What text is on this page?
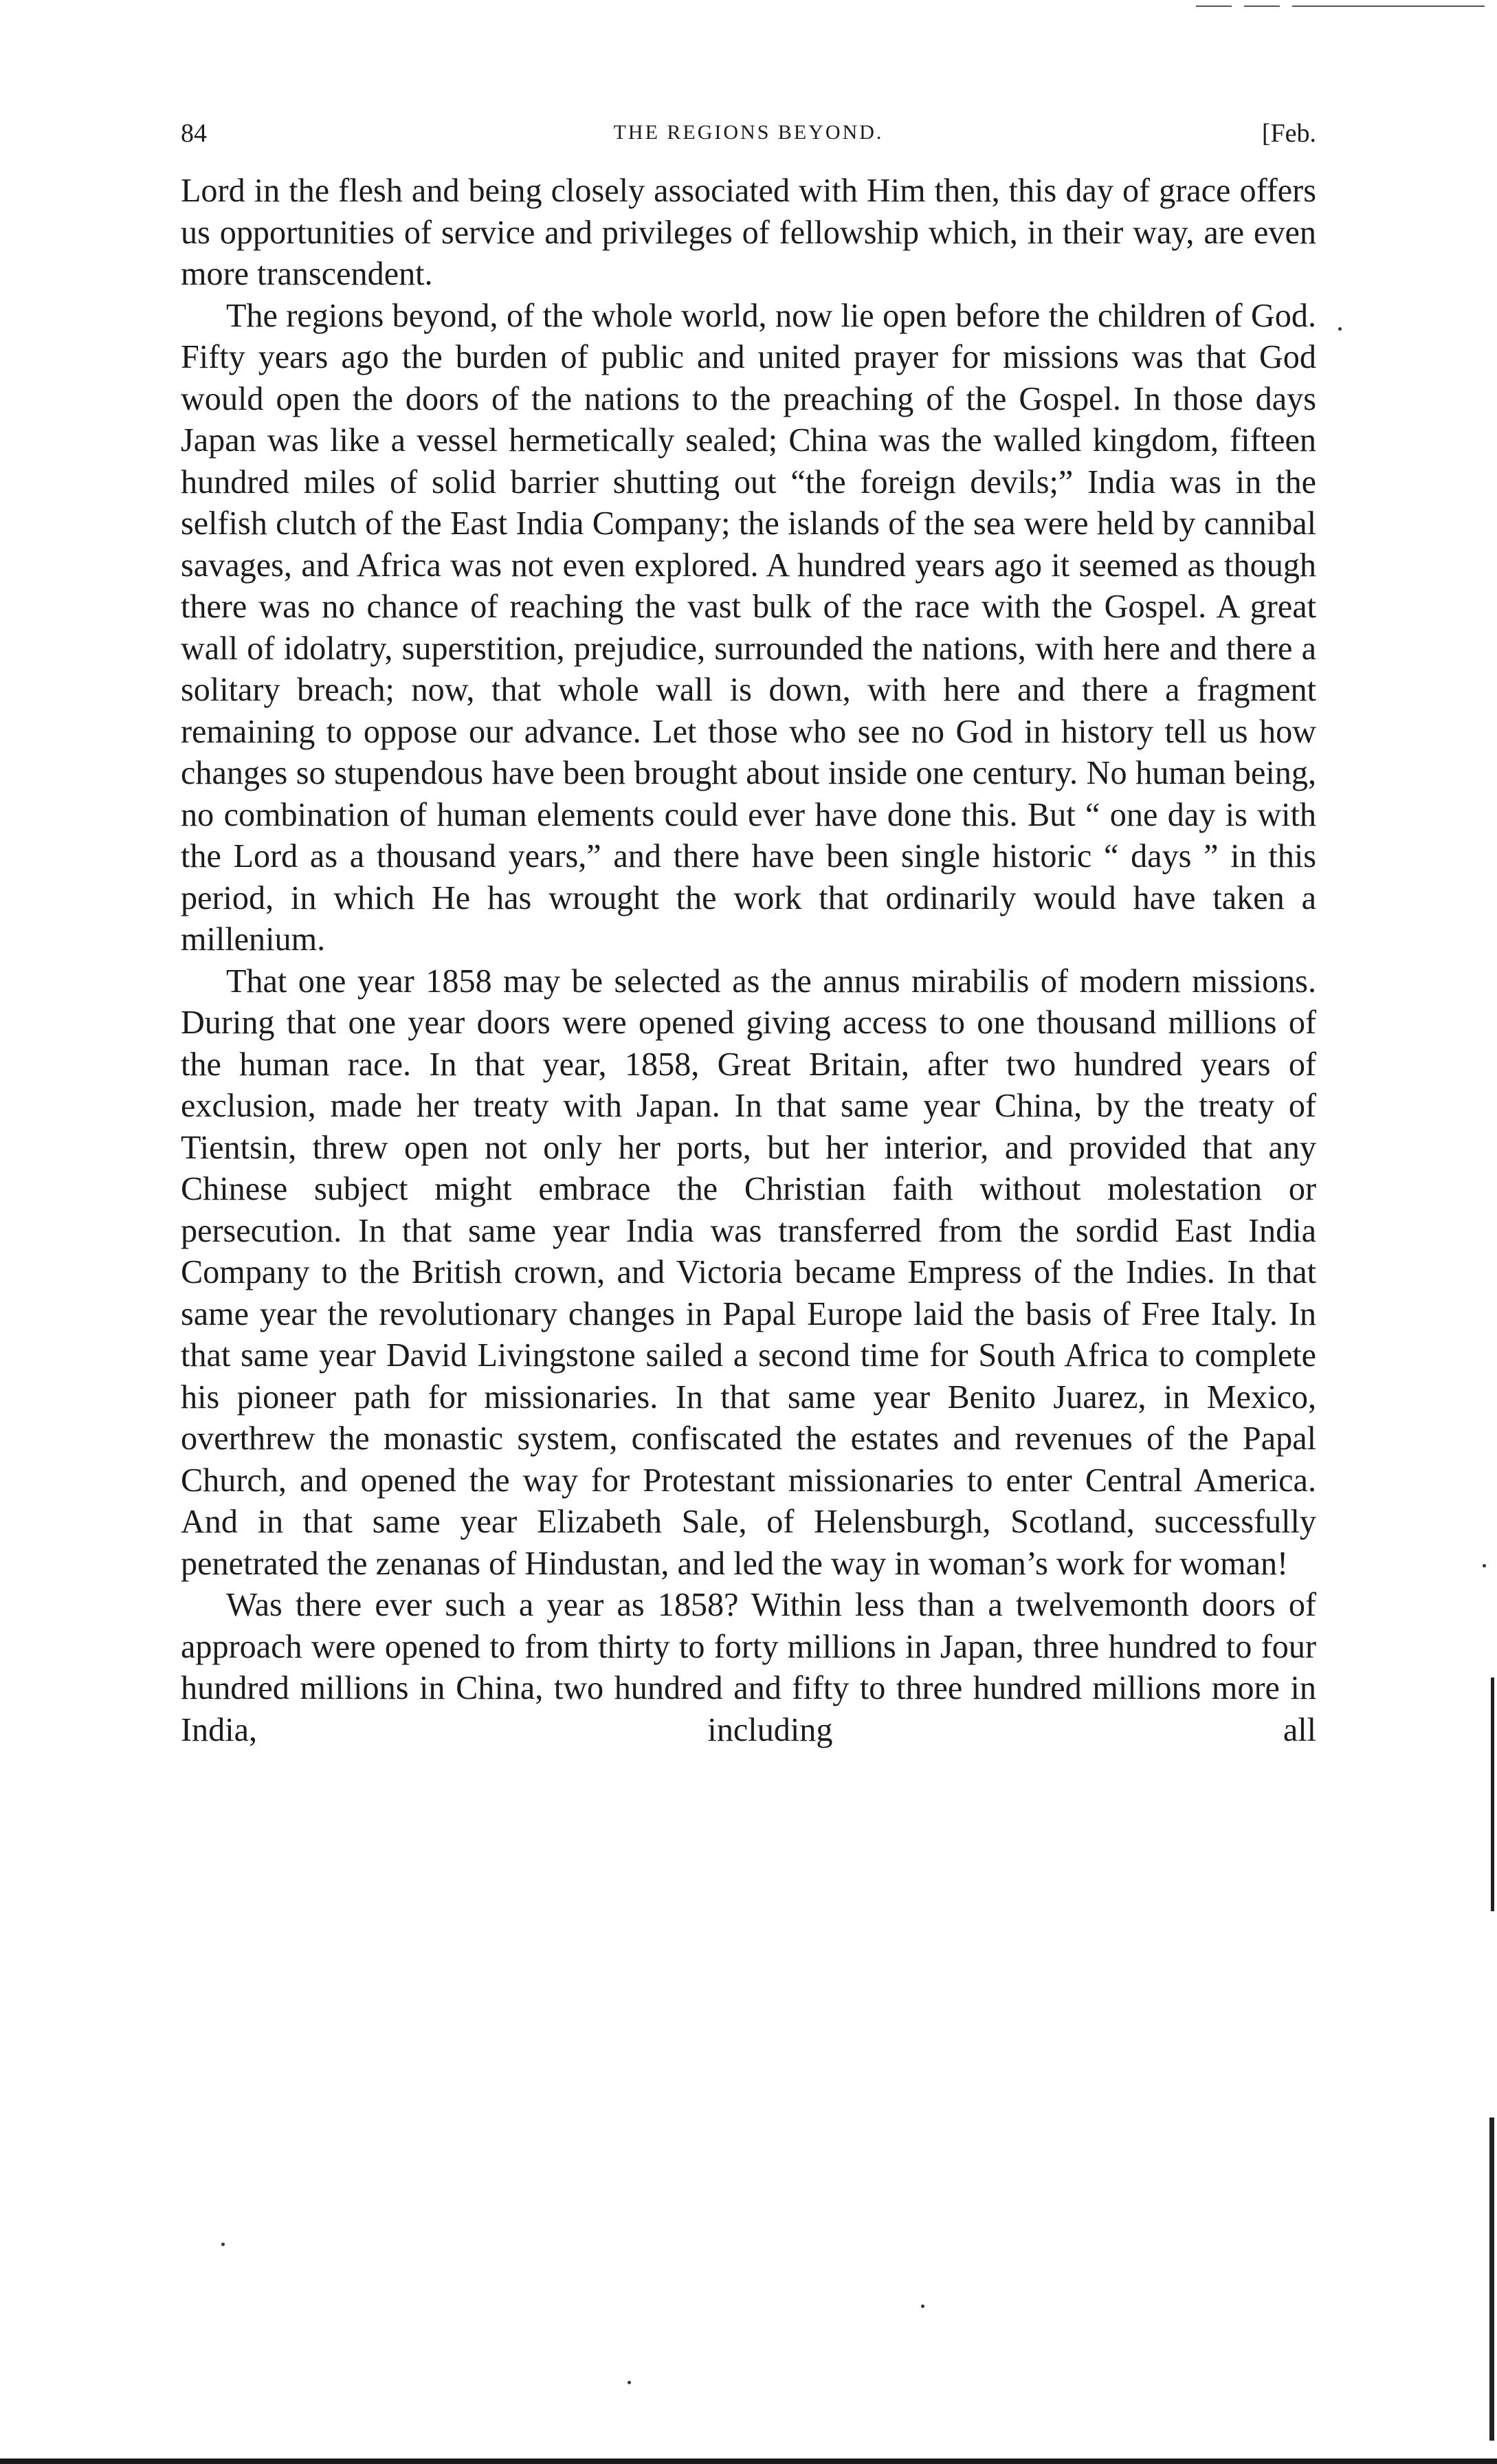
84	THE REGIONS BEYOND.	[Feb.

Lord in the flesh and being closely associated with Him then, this day of grace offers us opportunities of service and privileges of fellowship which, in their way, are even more transcendent.

The regions beyond, of the whole world, now lie open before the children of God. Fifty years ago the burden of public and united prayer for missions was that God would open the doors of the nations to the preaching of the Gospel. In those days Japan was like a vessel hermetically sealed; China was the walled kingdom, fifteen hundred miles of solid barrier shutting out “the foreign devils;” India was in the selfish clutch of the East India Company; the islands of the sea were held by cannibal savages, and Africa was not even explored. A hundred years ago it seemed as though there was no chance of reaching the vast bulk of the race with the Gospel. A great wall of idolatry, superstition, prejudice, surrounded the nations, with here and there a solitary breach; now, that whole wall is down, with here and there a fragment remaining to oppose our advance. Let those who see no God in history tell us how changes so stupendous have been brought about inside one century. No human being, no combination of human elements could ever have done this. But “ one day is with the Lord as a thousand years,” and there have been single historic “ days ” in this period, in which He has wrought the work that ordinarily would have taken a millenium.

That one year 1858 may be selected as the annus mirabilis of modern missions. During that one year doors were opened giving access to one thousand millions of the human race. In that year, 1858, Great Britain, after two hundred years of exclusion, made her treaty with Japan. In that same year China, by the treaty of Tientsin, threw open not only her ports, but her interior, and provided that any Chinese subject might embrace the Christian faith without molestation or persecution. In that same year India was transferred from the sordid East India Company to the British crown, and Victoria became Empress of the Indies. In that same year the revolutionary changes in Papal Europe laid the basis of Free Italy. In that same year David Livingstone sailed a second time for South Africa to complete his pioneer path for missionaries. In that same year Benito Juarez, in Mexico, overthrew the monastic system, confiscated the estates and revenues of the Papal Church, and opened the way for Protestant missionaries to enter Central America. And in that same year Elizabeth Sale, of Helensburgh, Scotland, successfully penetrated the zenanas of Hindustan, and led the way in woman’s work for woman!

Was there ever such a year as 1858? Within less than a twelvemonth doors of approach were opened to from thirty to forty millions in Japan, three hundred to four hundred millions in China, two hundred and fifty to three hundred millions more in India, including all
